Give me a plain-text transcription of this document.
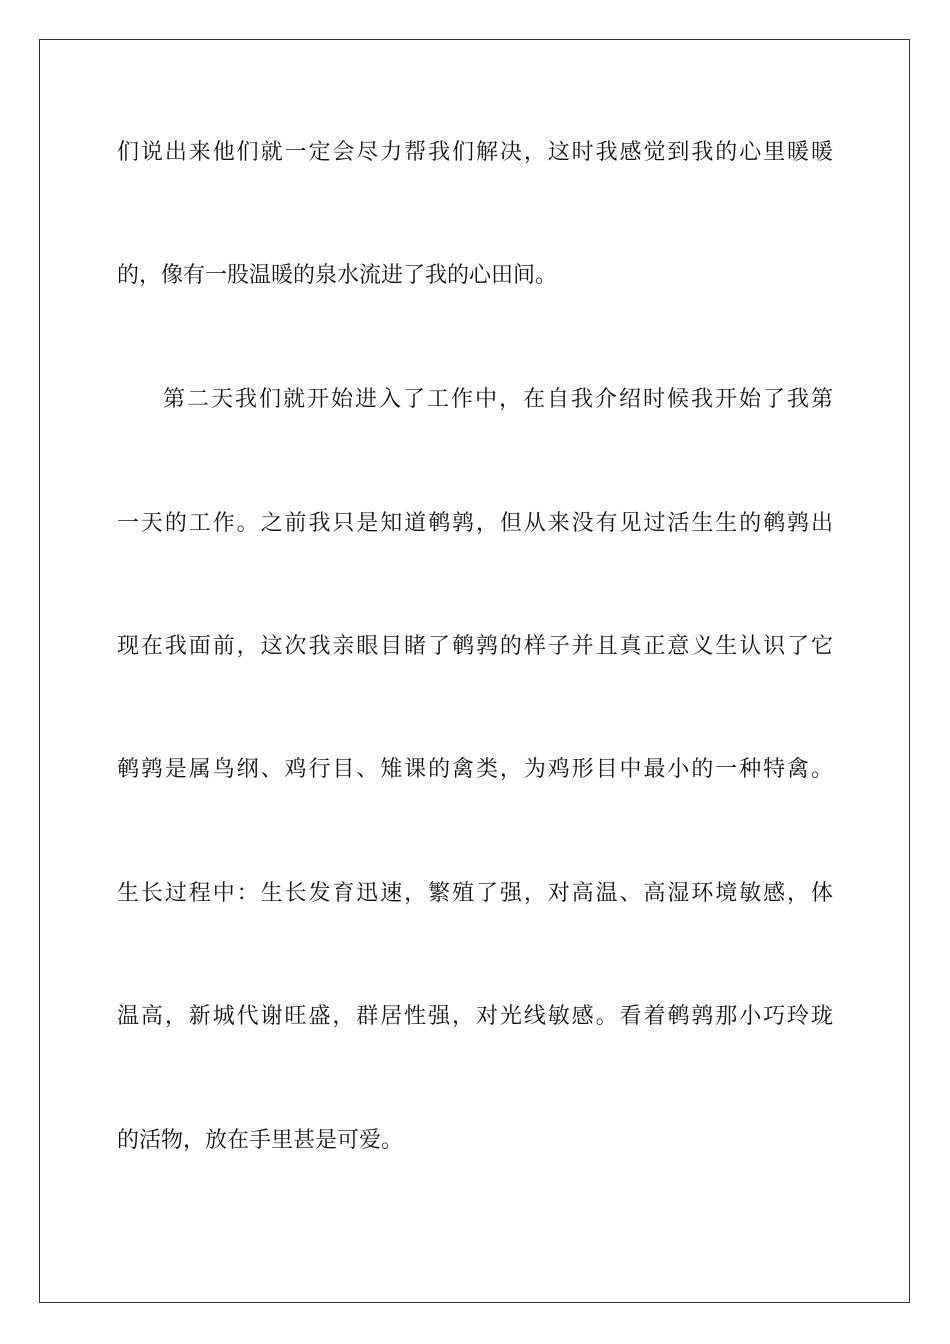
们说出来他们就一定会尽力帮我们解决，这时我感觉到我的心里暖暖
的，像有一股温暖的泉水流进了我的心田间。
第二天我们就开始进入了工作中，在自我介绍时候我开始了我第
一天的工作。之前我只是知道鹌鹑，但从来没有见过活生生的鹌鹑出
现在我面前，这次我亲眼目睹了鹌鹑的样子并且真正意义生认识了它
鹌鹑是属鸟纲、鸡行目、雉课的禽类，为鸡形目中最小的一种特禽。
生长过程中：生长发育迅速，繁殖了强，对高温、高湿环境敏感，体
温高，新城代谢旺盛，群居性强，对光线敏感。看着鹌鹑那小巧玲珑
的活物，放在手里甚是可爱。
